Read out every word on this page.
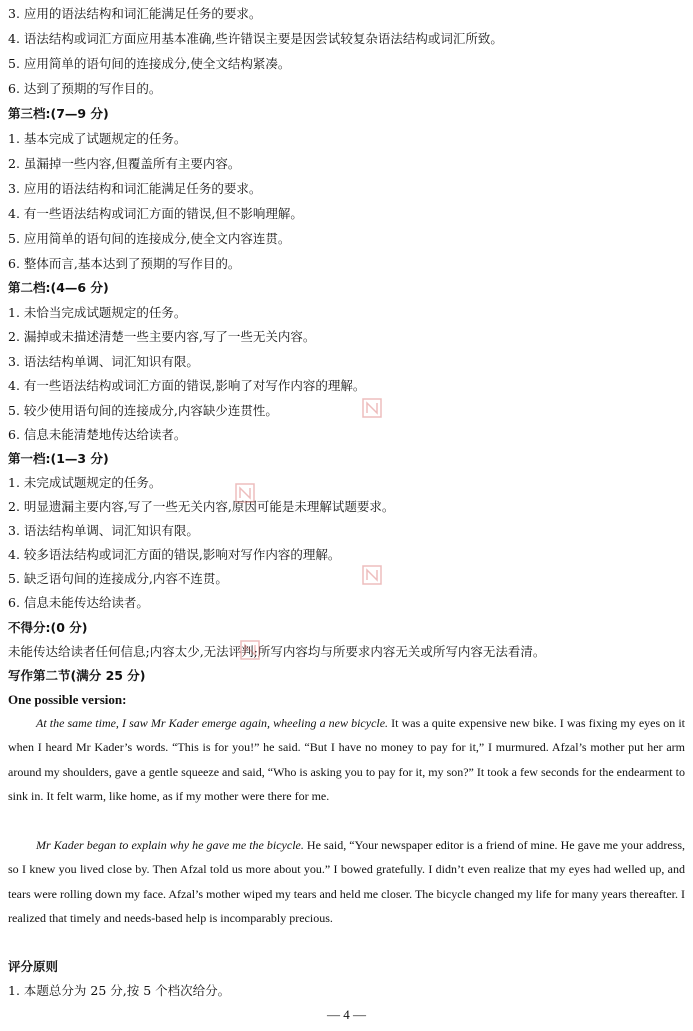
3. 应用的语法结构和词汇能满足任务的要求。
4. 语法结构或词汇方面应用基本准确,些许错误主要是因尝试较复杂语法结构或词汇所致。
5. 应用简单的语句间的连接成分,使全文结构紧凑。
6. 达到了预期的写作目的。
第三档:(7—9 分)
1. 基本完成了试题规定的任务。
2. 虽漏掉一些内容,但覆盖所有主要内容。
3. 应用的语法结构和词汇能满足任务的要求。
4. 有一些语法结构或词汇方面的错误,但不影响理解。
5. 应用简单的语句间的连接成分,使全文内容连贯。
6. 整体而言,基本达到了预期的写作目的。
第二档:(4—6 分)
1. 未恰当完成试题规定的任务。
2. 漏掉或未描述清楚一些主要内容,写了一些无关内容。
3. 语法结构单调、词汇知识有限。
4. 有一些语法结构或词汇方面的错误,影响了对写作内容的理解。
5. 较少使用语句间的连接成分,内容缺少连贯性。
6. 信息未能清楚地传达给读者。
第一档:(1—3 分)
1. 未完成试题规定的任务。
2. 明显遗漏主要内容,写了一些无关内容,原因可能是未理解试题要求。
3. 语法结构单调、词汇知识有限。
4. 较多语法结构或词汇方面的错误,影响对写作内容的理解。
5. 缺乏语句间的连接成分,内容不连贯。
6. 信息未能传达给读者。
不得分:(0 分)
未能传达给读者任何信息;内容太少,无法评判;所写内容均与所要求内容无关或所写内容无法看清。
写作第二节(满分 25 分)
One possible version:
At the same time, I saw Mr Kader emerge again, wheeling a new bicycle. It was a quite expensive new bike. I was fixing my eyes on it when I heard Mr Kader’s words. “This is for you!” he said. “But I have no money to pay for it,” I murmured. Afzal’s mother put her arm around my shoulders, gave a gentle squeeze and said, “Who is asking you to pay for it, my son?” It took a few seconds for the endearment to sink in. It felt warm, like home, as if my mother were there for me.
Mr Kader began to explain why he gave me the bicycle. He said, “Your newspaper editor is a friend of mine. He gave me your address, so I knew you lived close by. Then Afzal told us more about you.” I bowed gratefully. I didn’t even realize that my eyes had welled up, and tears were rolling down my face. Afzal’s mother wiped my tears and held me closer. The bicycle changed my life for many years thereafter. I realized that timely and needs-based help is incomparably precious.
评分原则
1. 本题总分为 25 分,按 5 个档次给分。
— 4 —
